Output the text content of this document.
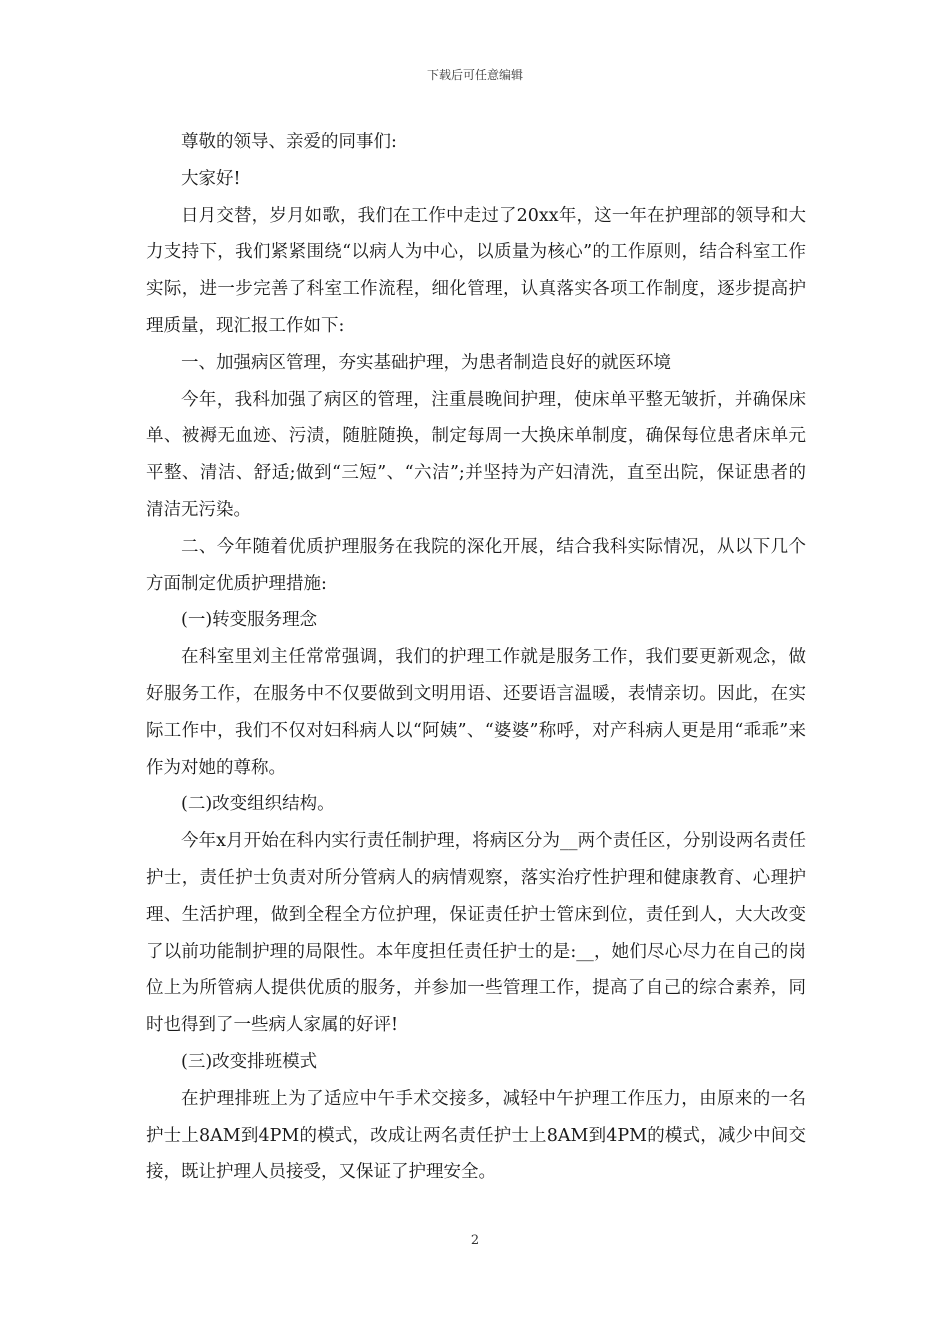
下载后可任意编辑

尊敬的领导、亲爱的同事们:

大家好!

日月交替，岁月如歌，我们在工作中走过了20xx年，这一年在护理部的领导和大力支持下，我们紧紧围绕“以病人为中心，以质量为核心”的工作原则，结合科室工作实际，进一步完善了科室工作流程，细化管理，认真落实各项工作制度，逐步提高护理质量，现汇报工作如下:

一、加强病区管理，夯实基础护理，为患者制造良好的就医环境

今年，我科加强了病区的管理，注重晨晚间护理，使床单平整无皱折，并确保床单、被褥无血迹、污渍，随脏随换，制定每周一大换床单制度，确保每位患者床单元平整、清洁、舒适;做到“三短”、“六洁”;并坚持为产妇清洗，直至出院，保证患者的清洁无污染。

二、今年随着优质护理服务在我院的深化开展，结合我科实际情况，从以下几个方面制定优质护理措施:

(一)转变服务理念

在科室里刘主任常常强调，我们的护理工作就是服务工作，我们要更新观念，做好服务工作，在服务中不仅要做到文明用语、还要语言温暖，表情亲切。因此，在实际工作中，我们不仅对妇科病人以“阿姨”、“婆婆”称呼，对产科病人更是用“乖乖”来作为对她的尊称。

(二)改变组织结构。

今年x月开始在科内实行责任制护理，将病区分为__两个责任区，分别设两名责任护士，责任护士负责对所分管病人的病情观察，落实治疗性护理和健康教育、心理护理、生活护理，做到全程全方位护理，保证责任护士管床到位，责任到人，大大改变了以前功能制护理的局限性。本年度担任责任护士的是:__，她们尽心尽力在自己的岗位上为所管病人提供优质的服务，并参加一些管理工作，提高了自己的综合素养，同时也得到了一些病人家属的好评!

(三)改变排班模式

在护理排班上为了适应中午手术交接多，减轻中午护理工作压力，由原来的一名护士上8AM到4PM的模式，改成让两名责任护士上8AM到4PM的模式，减少中间交接，既让护理人员接受，又保证了护理安全。

2
